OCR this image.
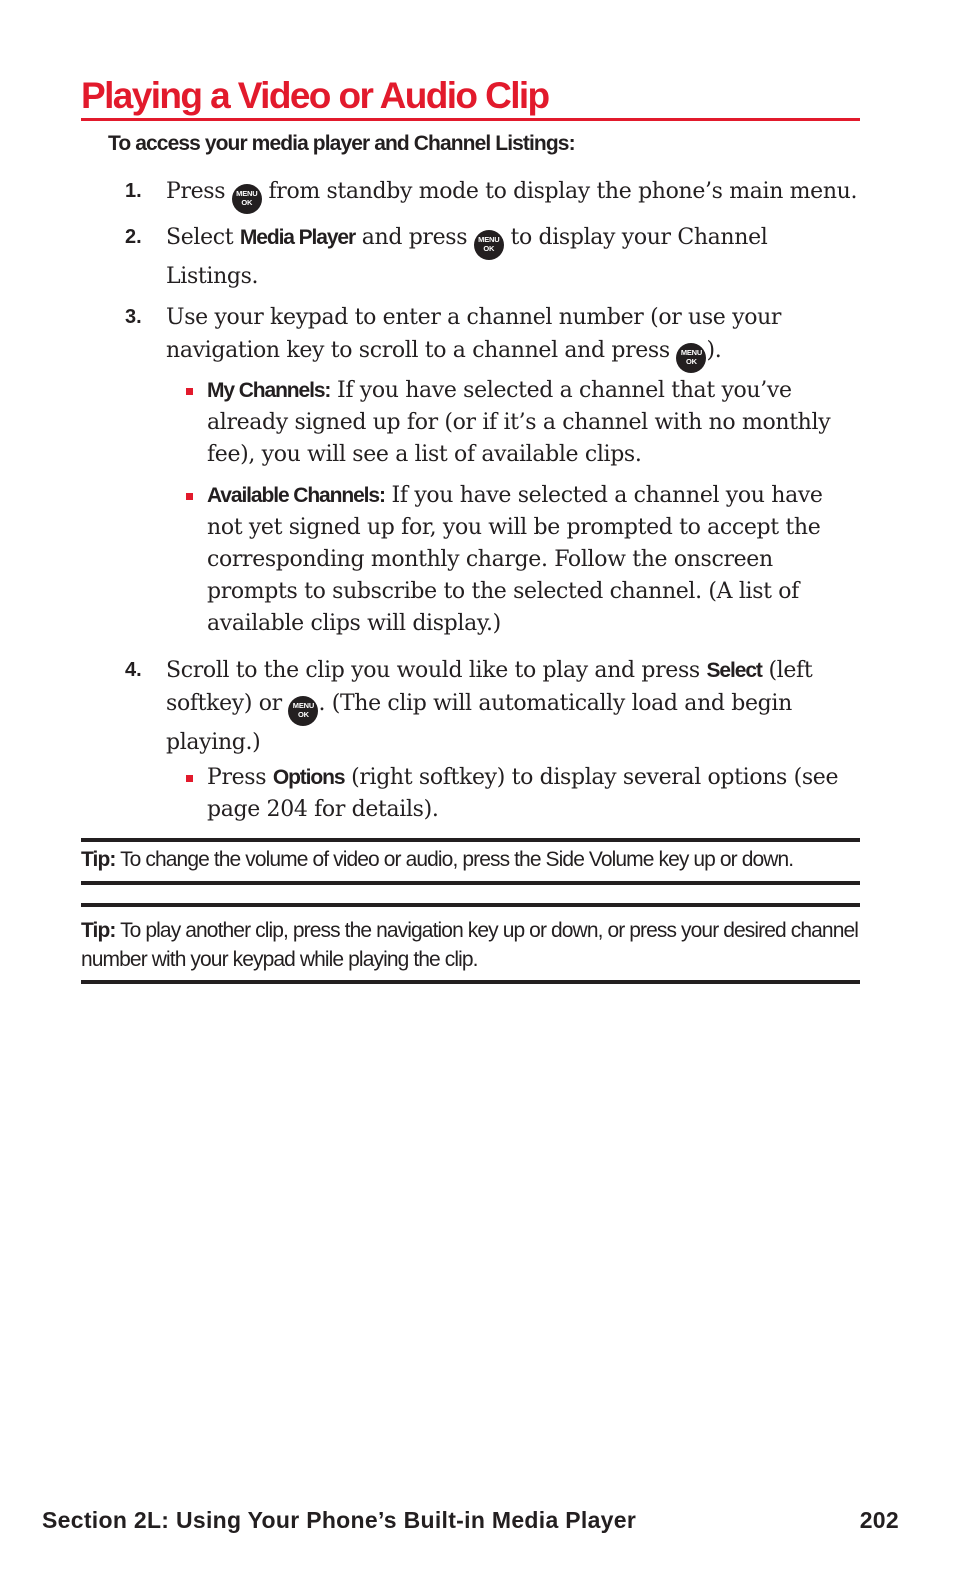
Playing a Video or Audio Clip

To access your media player and Channel Listings:

1. Press	MENU
OK from standby mode to display the phone’s main menu.
2. Select Media Player and press	MENU
OK to display your Channel Listings.
3. Use your keypad to enter a channel number (or use your navigation key to scroll to a channel and press	MENU
OK ).
My Channels: If you have selected a channel that you’ve already signed up for (or if it’s a channel with no monthly fee), you will see a list of available clips.
Available Channels: If you have selected a channel you have not yet signed up for, you will be prompted to accept the corresponding monthly charge. Follow the onscreen prompts to subscribe to the selected channel. (A list of available clips will display.)
4. Scroll to the clip you would like to play and press Select (left softkey) or	MENU
OK . (The clip will automatically load and begin playing.)
Press Options (right softkey) to display several options (see page 204 for details).

Tip: To change the volume of video or audio, press the Side Volume key up or down.

Tip: To play another clip, press the navigation key up or down, or press your desired channel number with your keypad while playing the clip.

Section 2L: Using Your Phone’s Built-in Media Player	202
